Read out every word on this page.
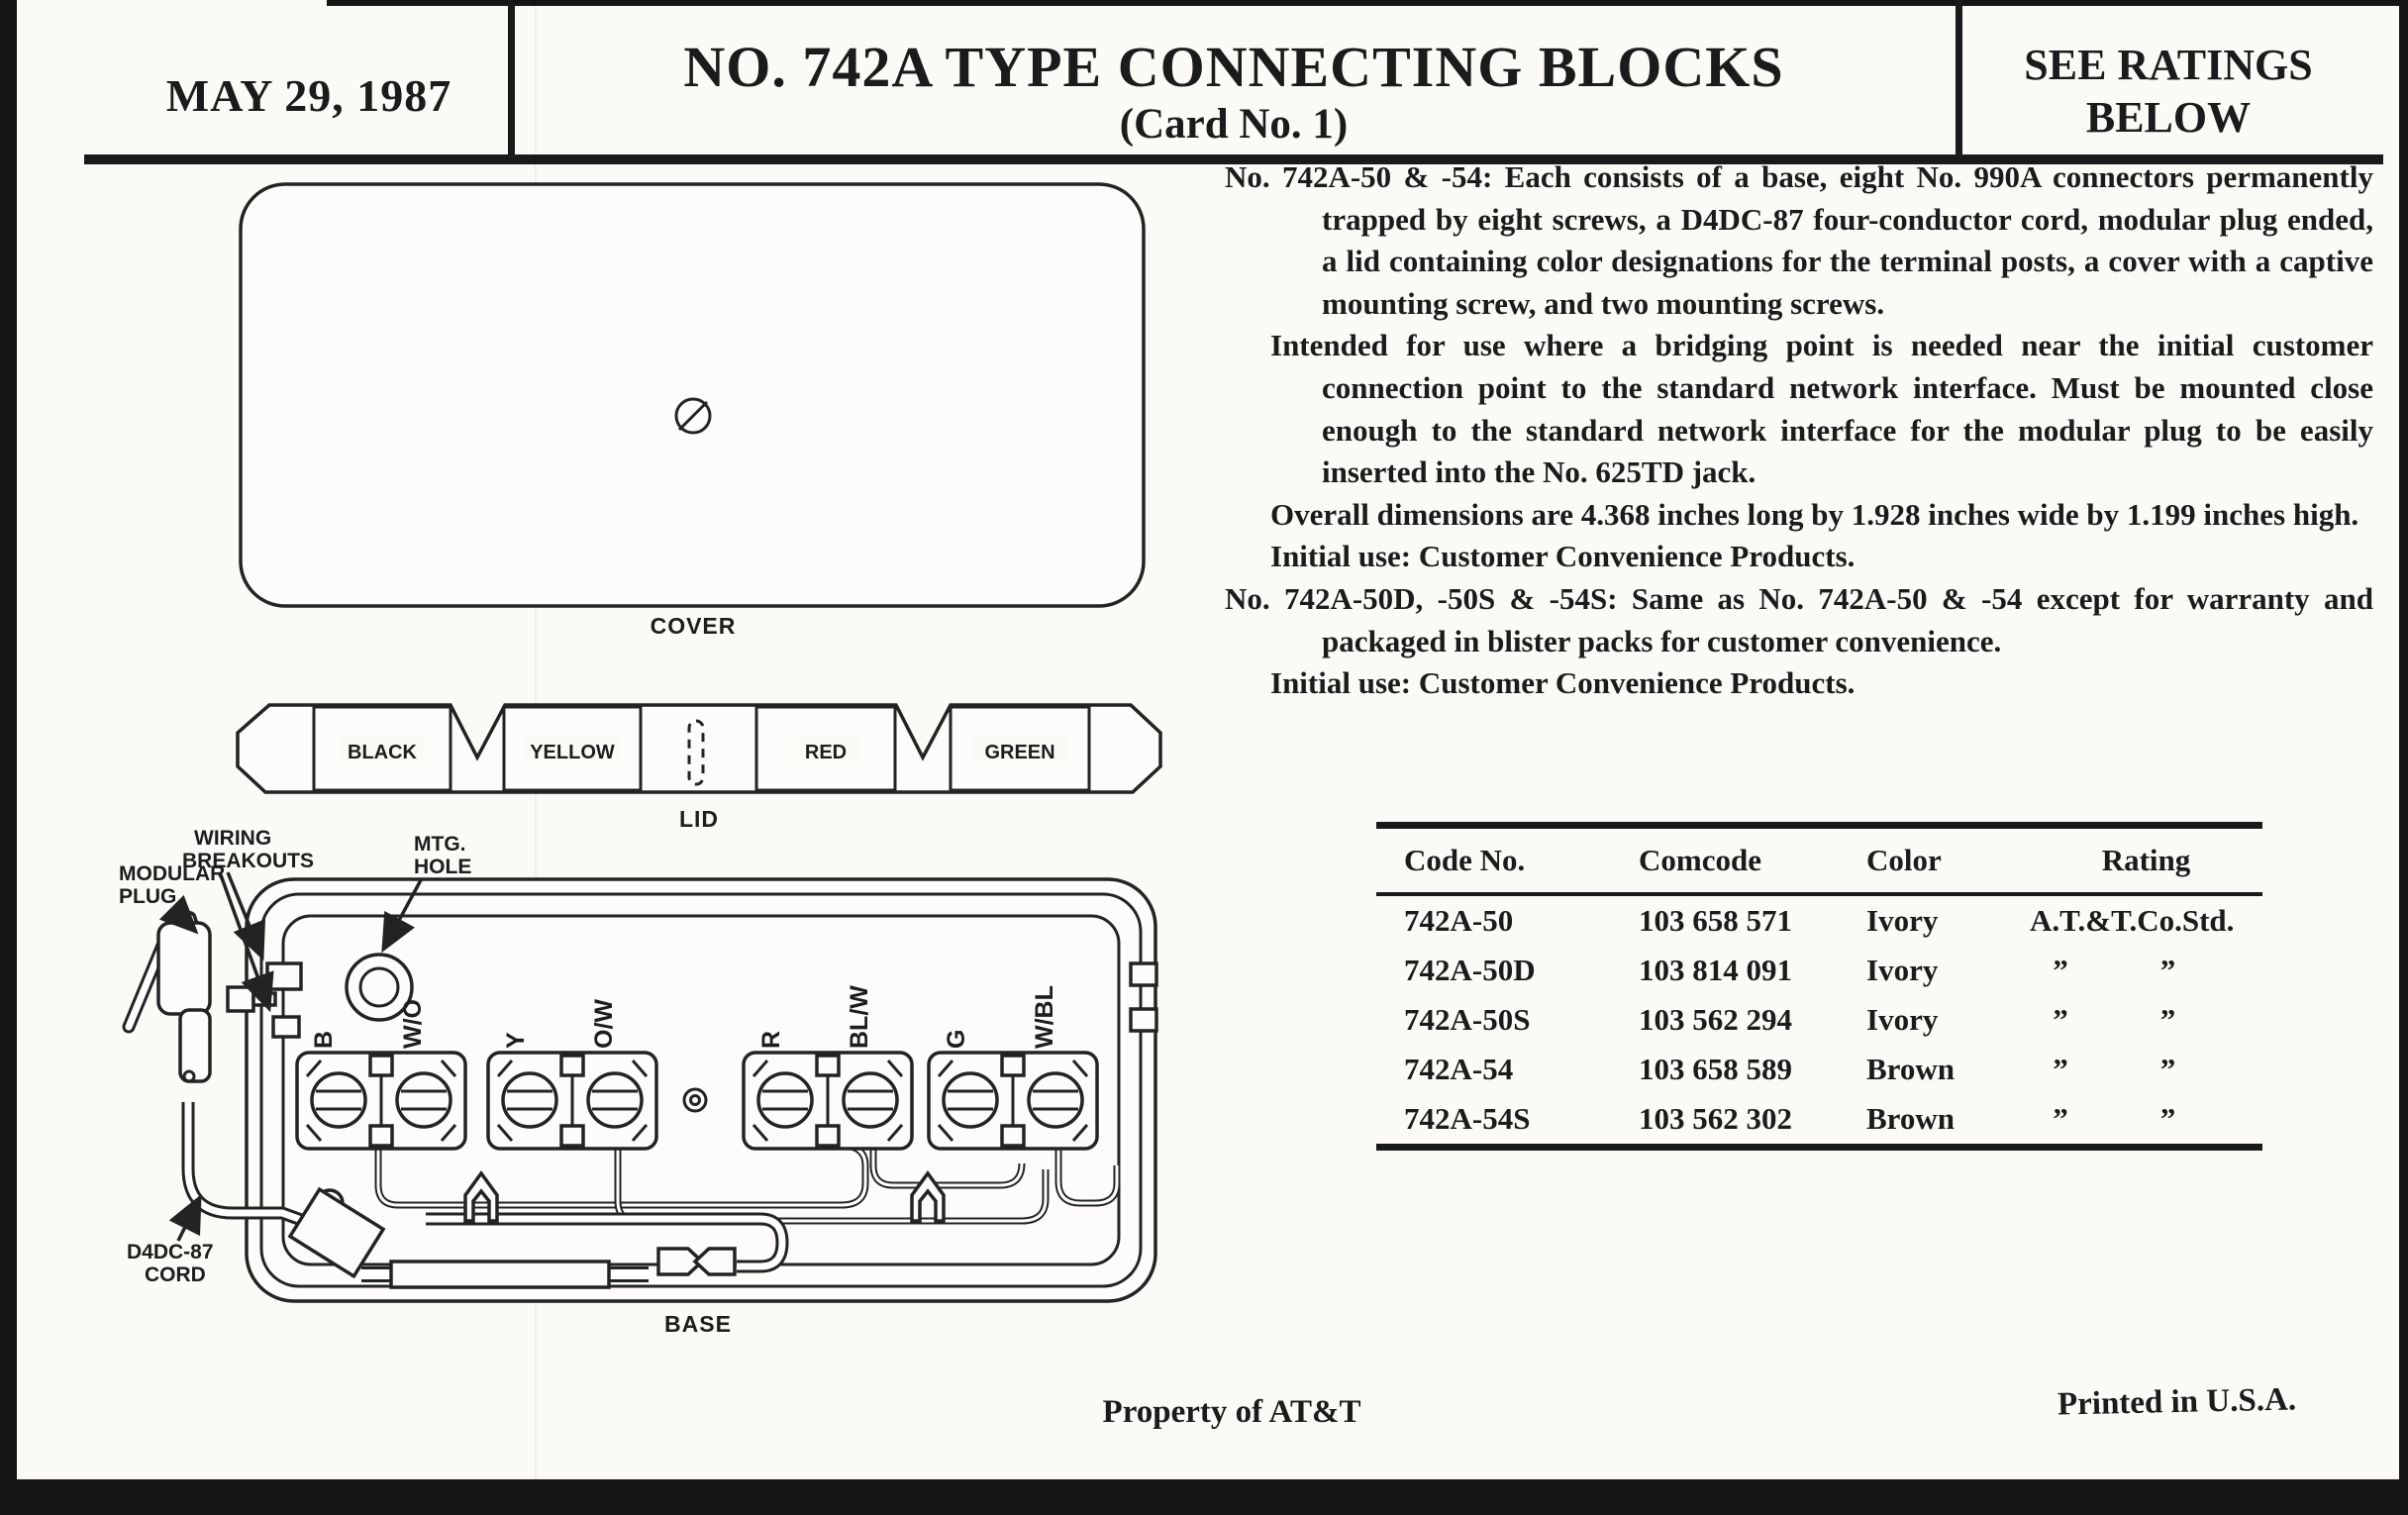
MAY 29, 1987	NO. 742A TYPE CONNECTING BLOCKS
(Card No. 1)
SEE RATINGS
BELOW
No. 742A-50 & -54: Each consists of a base, eight No. 990A connectors permanently trapped by eight screws, a D4DC-87 four-conductor cord, modular plug ended, a lid containing color designations for the terminal posts, a cover with a captive mounting screw, and two mounting screws.
Intended for use where a bridging point is needed near the initial customer connection point to the standard network interface. Must be mounted close enough to the standard network interface for the modular plug to be easily inserted into the No. 625TD jack.
Overall dimensions are 4.368 inches long by 1.928 inches wide by 1.199 inches high.
Initial use: Customer Convenience Products.
No. 742A-50D, -50S & -54S: Same as No. 742A-50 & -54 except for warranty and packaged in blister packs for customer convenience.
Initial use: Customer Convenience Products.
Code No.	Comcode	Color	Rating
742A-50	103 658 571	Ivory	A.T.&T.Co.Std.
742A-50D	103 814 091	Ivory	”            ”
742A-50S	103 562 294	Ivory	”            ”
742A-54	103 658 589	Brown	”            ”
742A-54S	103 562 302	Brown	”            ”
COVER
BLACK	YELLOW	RED	GREEN
LID
B W/O	Y O/W	R BL/W	G W/BL
BASE
WIRING
BREAKOUTS
MODULAR
PLUG
MTG.
HOLE
D4DC-87
CORD
Property of AT&T	Printed in U.S.A.
